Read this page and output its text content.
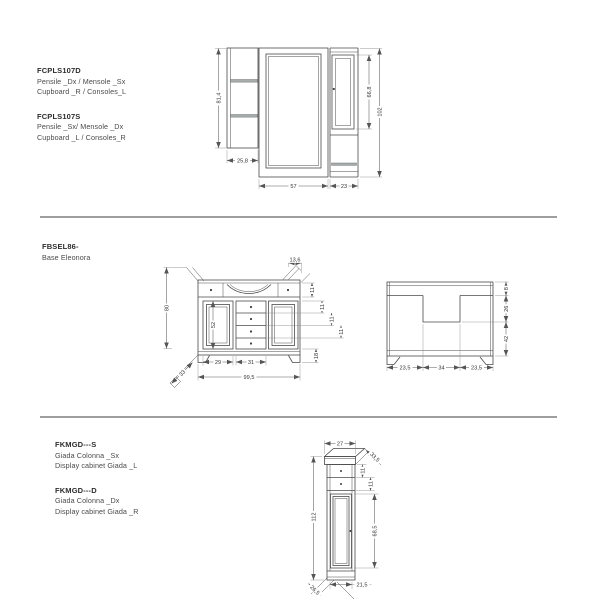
FCPLS107D
Pensile _Dx / Mensole _Sx
Cupboard _R / Consoles_L
FCPLS107S
Pensile _Sx/ Mensole _Dx
Cupboard _L / Consoles_R
FBSEL86-
Base Eleonora
FKMGD---S
Giada Colonna _Sx
Display cabinet Giada _L
FKMGD---D
Giada Colonna _Dx
Display cabinet Giada _R
81,4
25,8
57	23
66,8
102
80
13,6
11
11
11
11
18
52
33
29	31
99,5
8
26
42
23,5	34	23,5
27
33,5
112
11
11
68,5
21,5
26,5
